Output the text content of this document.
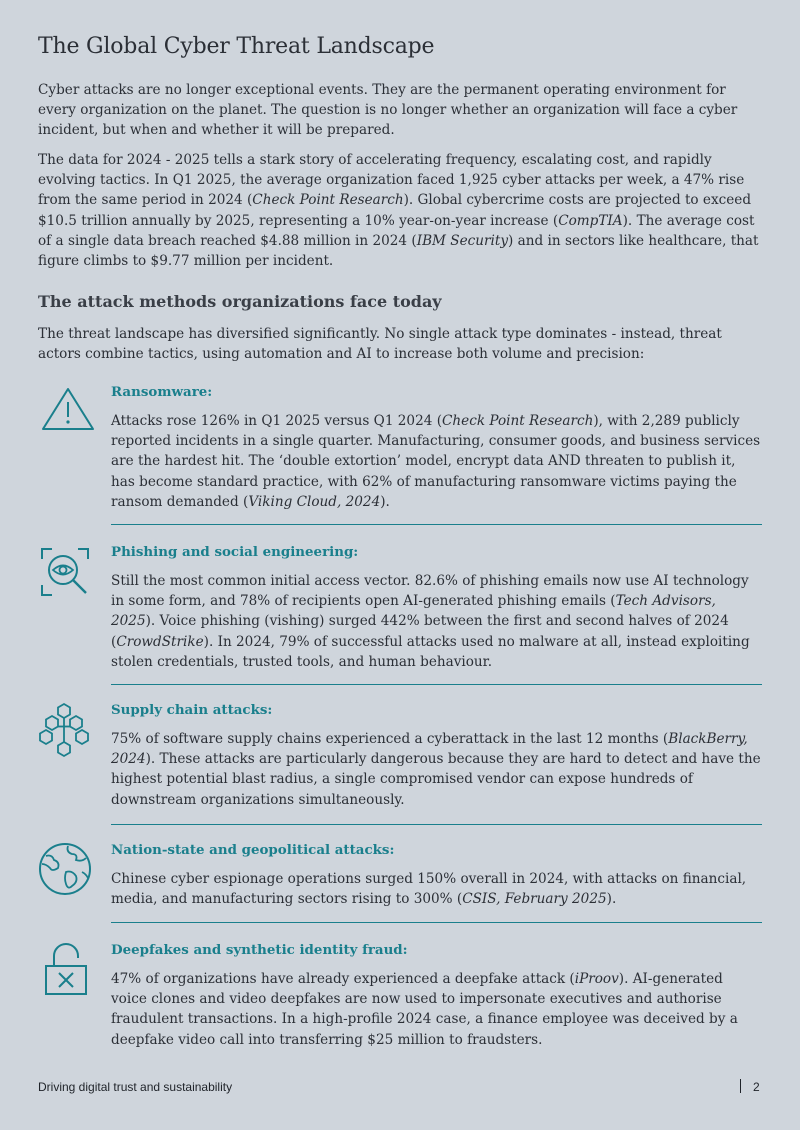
The Global Cyber Threat Landscape

Cyber attacks are no longer exceptional events. They are the permanent operating environment for every organization on the planet. The question is no longer whether an organization will face a cyber incident, but when and whether it will be prepared.

The data for 2024 - 2025 tells a stark story of accelerating frequency, escalating cost, and rapidly evolving tactics. In Q1 2025, the average organization faced 1,925 cyber attacks per week, a 47% rise from the same period in 2024 (Check Point Research). Global cybercrime costs are projected to exceed $10.5 trillion annually by 2025, representing a 10% year-on-year increase (CompTIA). The average cost of a single data breach reached $4.88 million in 2024 (IBM Security) and in sectors like healthcare, that figure climbs to $9.77 million per incident.

The attack methods organizations face today

The threat landscape has diversified significantly. No single attack type dominates - instead, threat actors combine tactics, using automation and AI to increase both volume and precision:

Ransomware:

Attacks rose 126% in Q1 2025 versus Q1 2024 (Check Point Research), with 2,289 publicly reported incidents in a single quarter. Manufacturing, consumer goods, and business services are the hardest hit. The ‘double extortion’ model, encrypt data AND threaten to publish it, has become standard practice, with 62% of manufacturing ransomware victims paying the ransom demanded (Viking Cloud, 2024).

Phishing and social engineering:

Still the most common initial access vector. 82.6% of phishing emails now use AI technology in some form, and 78% of recipients open AI-generated phishing emails (Tech Advisors, 2025). Voice phishing (vishing) surged 442% between the first and second halves of 2024 (CrowdStrike). In 2024, 79% of successful attacks used no malware at all, instead exploiting stolen credentials, trusted tools, and human behaviour.

Supply chain attacks:

75% of software supply chains experienced a cyberattack in the last 12 months (BlackBerry, 2024). These attacks are particularly dangerous because they are hard to detect and have the highest potential blast radius, a single compromised vendor can expose hundreds of downstream organizations simultaneously.

Nation-state and geopolitical attacks:

Chinese cyber espionage operations surged 150% overall in 2024, with attacks on financial, media, and manufacturing sectors rising to 300% (CSIS, February 2025).

Deepfakes and synthetic identity fraud:

47% of organizations have already experienced a deepfake attack (iProov). AI-generated voice clones and video deepfakes are now used to impersonate executives and authorise fraudulent transactions. In a high-profile 2024 case, a finance employee was deceived by a deepfake video call into transferring $25 million to fraudsters.

Driving digital trust and sustainability	2
